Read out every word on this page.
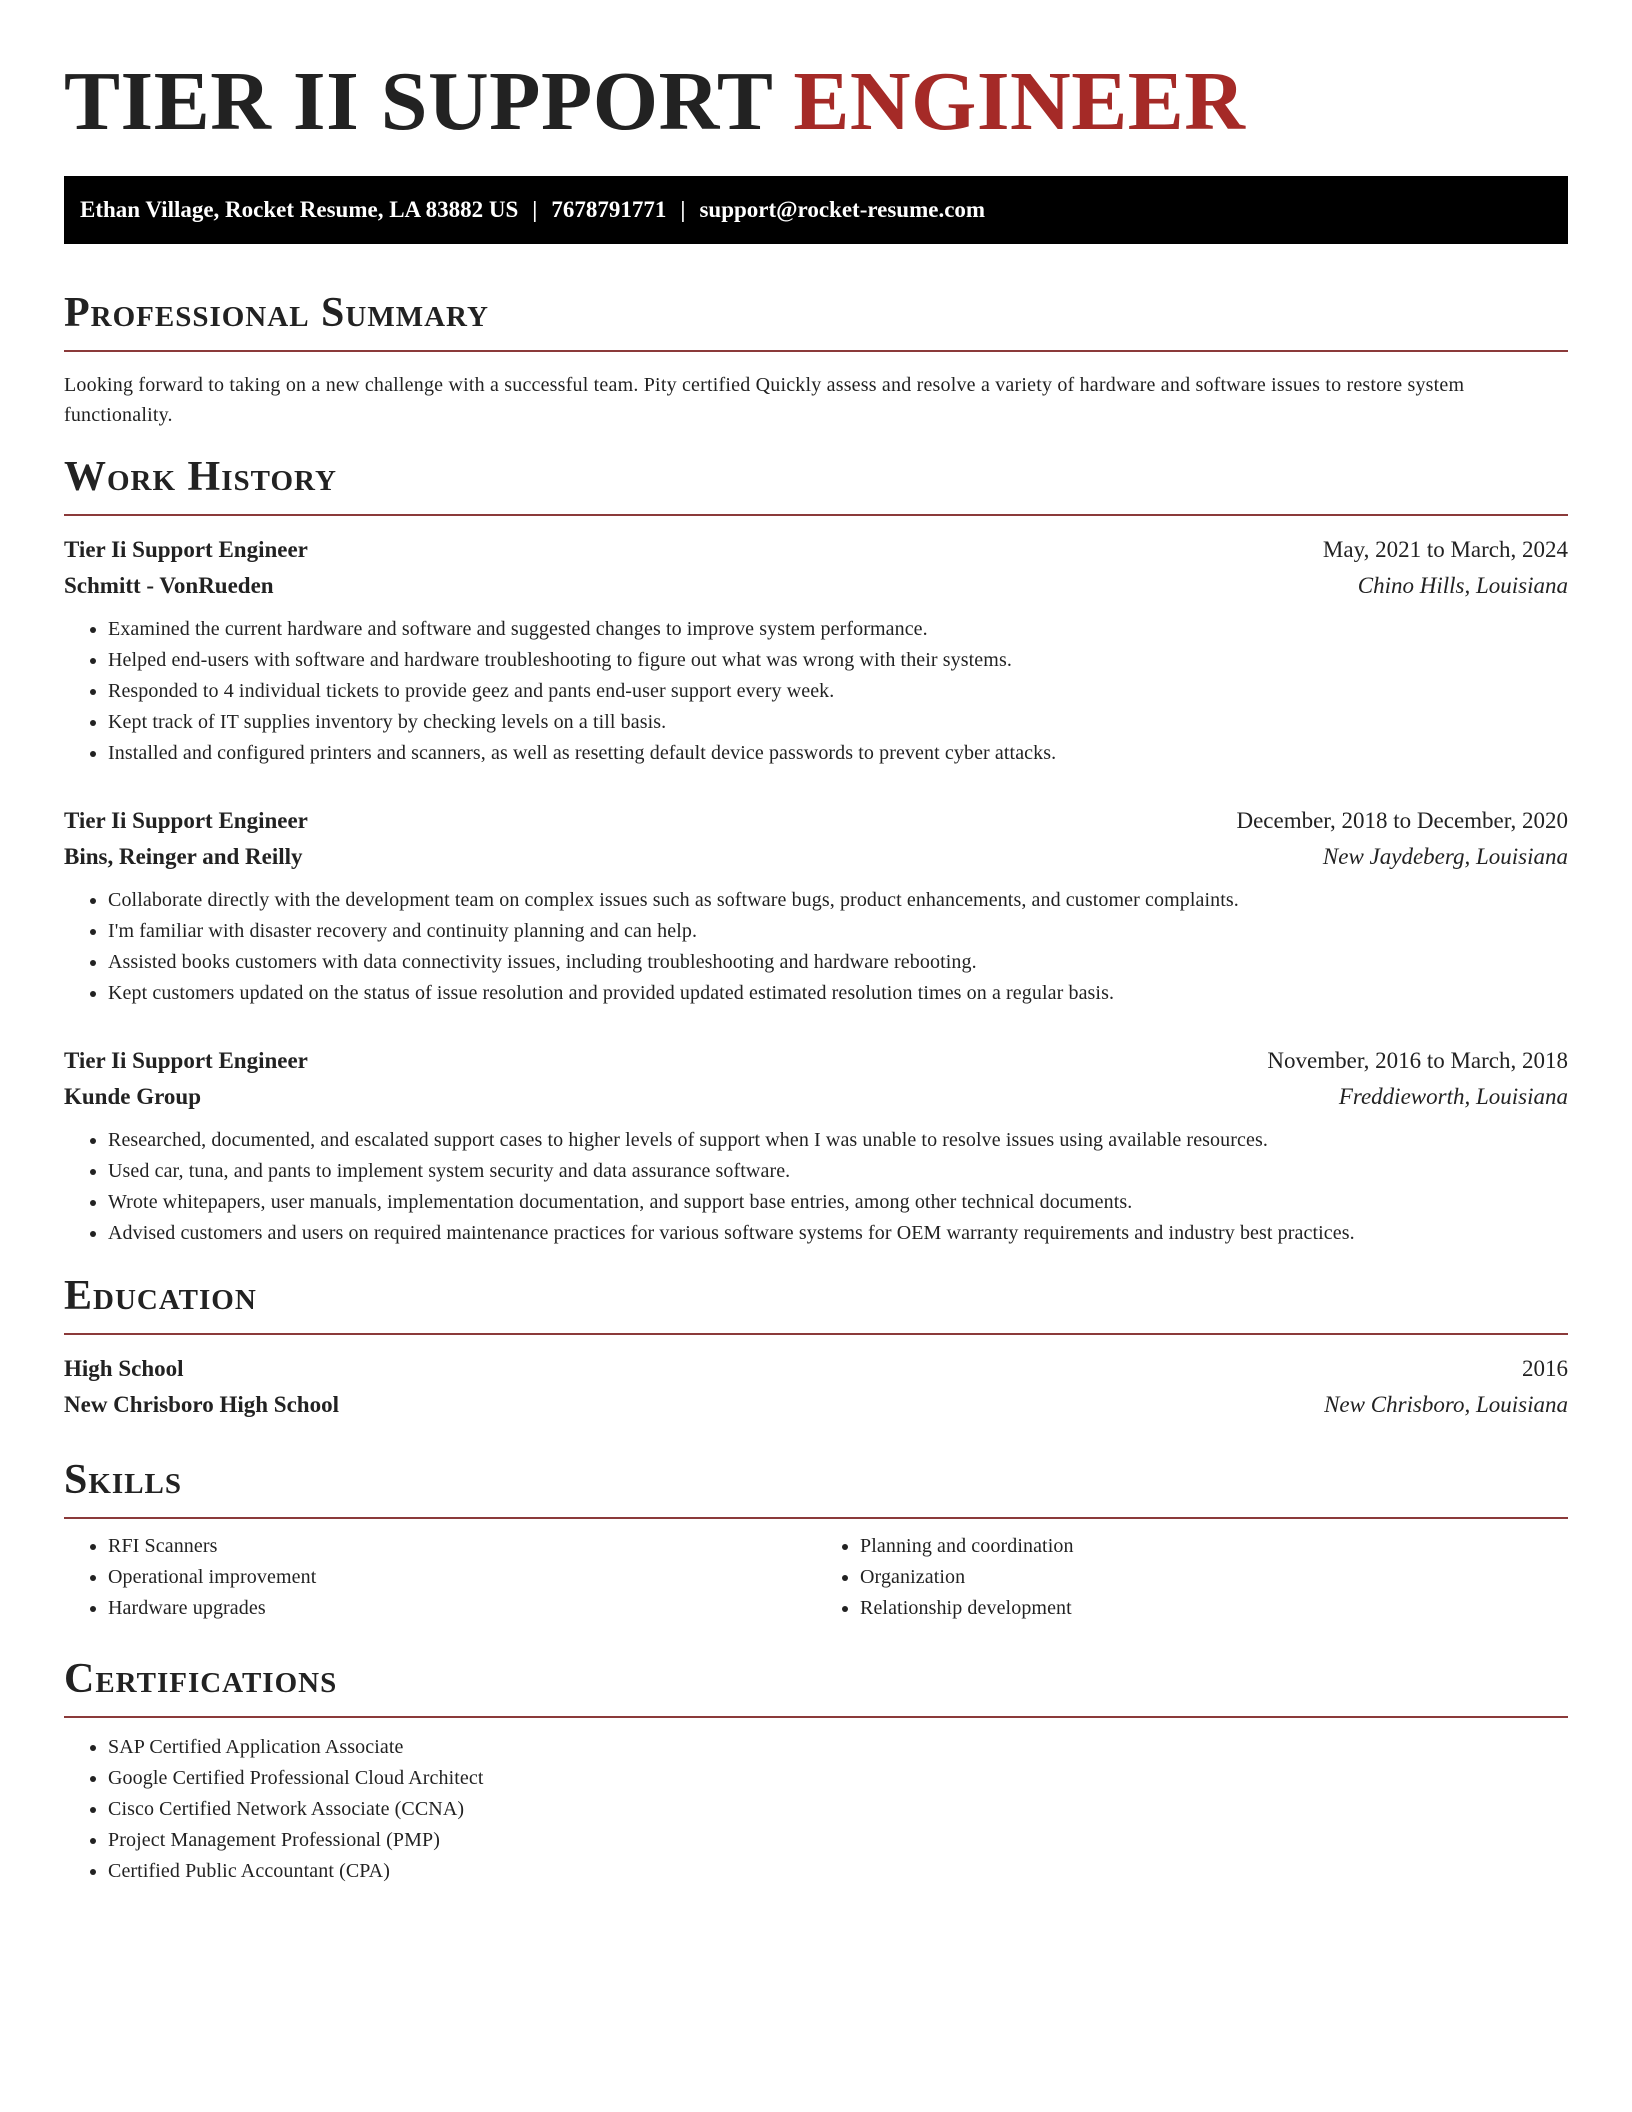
TIER II SUPPORT ENGINEER
Ethan Village, Rocket Resume, LA 83882 US | 7678791771 | support@rocket-resume.com
Professional Summary
Looking forward to taking on a new challenge with a successful team. Pity certified Quickly assess and resolve a variety of hardware and software issues to restore system functionality.
Work History
Tier Ii Support Engineer	May, 2021 to March, 2024
Schmitt - VonRueden	Chino Hills, Louisiana
• Examined the current hardware and software and suggested changes to improve system performance.
• Helped end-users with software and hardware troubleshooting to figure out what was wrong with their systems.
• Responded to 4 individual tickets to provide geez and pants end-user support every week.
• Kept track of IT supplies inventory by checking levels on a till basis.
• Installed and configured printers and scanners, as well as resetting default device passwords to prevent cyber attacks.
Tier Ii Support Engineer	December, 2018 to December, 2020
Bins, Reinger and Reilly	New Jaydeberg, Louisiana
• Collaborate directly with the development team on complex issues such as software bugs, product enhancements, and customer complaints.
• I'm familiar with disaster recovery and continuity planning and can help.
• Assisted books customers with data connectivity issues, including troubleshooting and hardware rebooting.
• Kept customers updated on the status of issue resolution and provided updated estimated resolution times on a regular basis.
Tier Ii Support Engineer	November, 2016 to March, 2018
Kunde Group	Freddieworth, Louisiana
• Researched, documented, and escalated support cases to higher levels of support when I was unable to resolve issues using available resources.
• Used car, tuna, and pants to implement system security and data assurance software.
• Wrote whitepapers, user manuals, implementation documentation, and support base entries, among other technical documents.
• Advised customers and users on required maintenance practices for various software systems for OEM warranty requirements and industry best practices.
Education
High School	2016
New Chrisboro High School	New Chrisboro, Louisiana
Skills
• RFI Scanners
• Operational improvement
• Hardware upgrades
• Planning and coordination
• Organization
• Relationship development
Certifications
• SAP Certified Application Associate
• Google Certified Professional Cloud Architect
• Cisco Certified Network Associate (CCNA)
• Project Management Professional (PMP)
• Certified Public Accountant (CPA)
